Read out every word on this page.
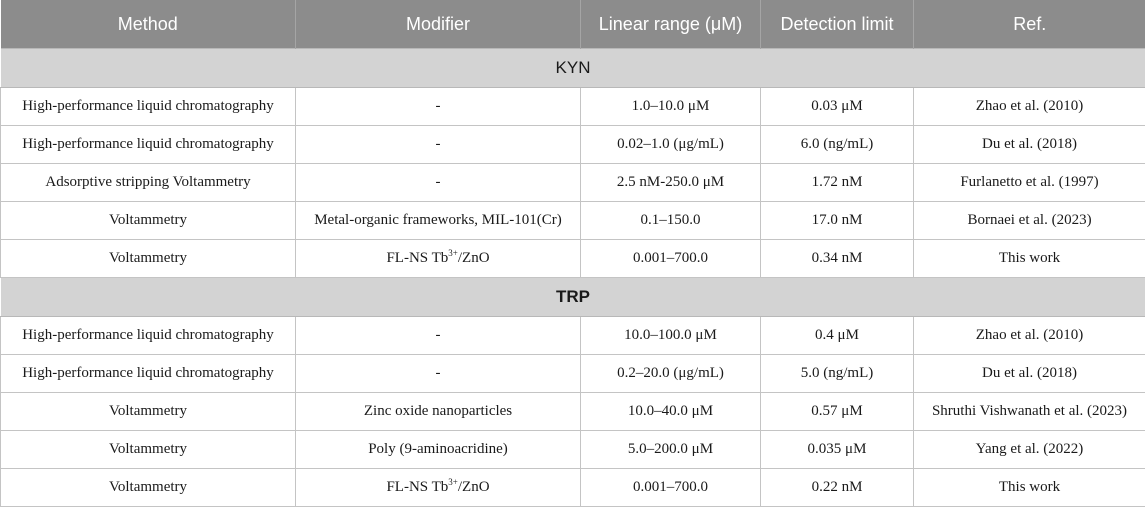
Method	Modifier	Linear range (μM)	Detection limit	Ref.
KYN				
High-performance liquid chromatography	-	1.0–10.0 μM	0.03 μM	Zhao et al. (2010)
High-performance liquid chromatography	-	0.02–1.0 (μg/mL)	6.0 (ng/mL)	Du et al. (2018)
Adsorptive stripping Voltammetry	-	2.5 nM-250.0 μM	1.72 nM	Furlanetto et al. (1997)
Voltammetry	Metal-organic frameworks, MIL-101(Cr)	0.1–150.0	17.0 nM	Bornaei et al. (2023)
Voltammetry	FL-NS $Tb^{3+}$/ZnO	0.001–700.0	0.34 nM	This work
TRP				
High-performance liquid chromatography	-	10.0–100.0 μM	0.4 μM	Zhao et al. (2010)
High-performance liquid chromatography	-	0.2–20.0 (μg/mL)	5.0 (ng/mL)	Du et al. (2018)
Voltammetry	Zinc oxide nanoparticles	10.0–40.0 μM	0.57 μM	Shruthi Vishwanath et al. (2023)
Voltammetry	Poly (9-aminoacridine)	5.0–200.0 μM	0.035 μM	Yang et al. (2022)
Voltammetry	FL-NS $Tb^{3+}$/ZnO	0.001–700.0	0.22 nM	This work
